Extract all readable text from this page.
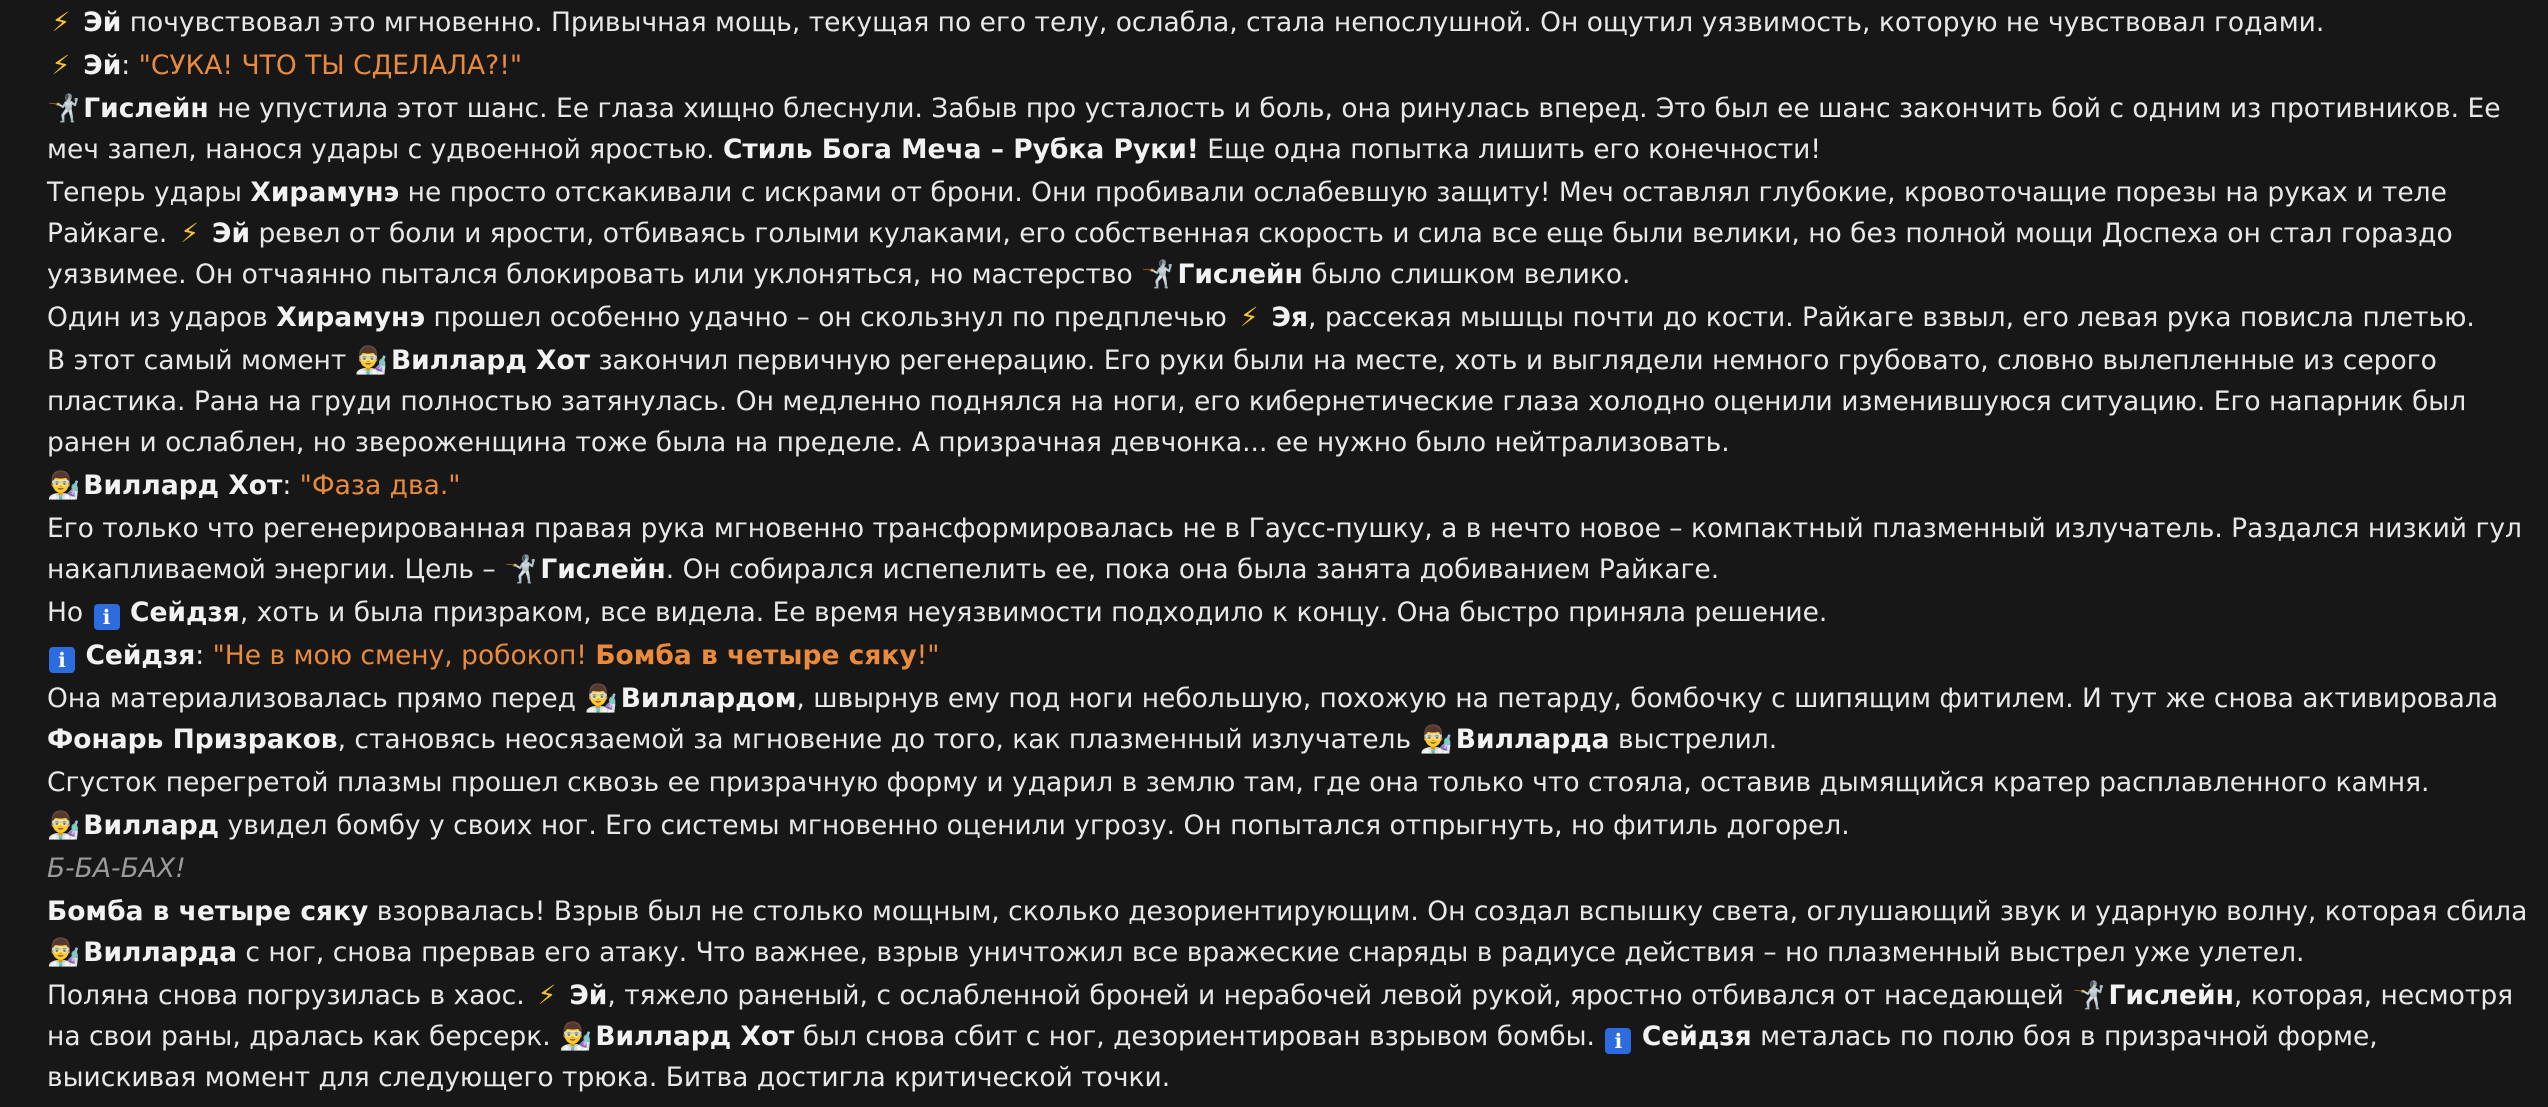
⚡ Эй почувствовал это мгновенно. Привычная мощь, текущая по его телу, ослабла, стала непослушной. Он ощутил уязвимость, которую не чувствовал годами.
⚡ Эй: "СУКА! ЧТО ТЫ СДЕЛАЛА?!"
🤺 Гислейн не упустила этот шанс. Ее глаза хищно блеснули. Забыв про усталость и боль, она ринулась вперед. Это был ее шанс закончить бой с одним из противников. Ее меч запел, нанося удары с удвоенной яростью. Стиль Бога Меча – Рубка Руки! Еще одна попытка лишить его конечности!
Теперь удары Хирамунэ не просто отскакивали с искрами от брони. Они пробивали ослабевшую защиту! Меч оставлял глубокие, кровоточащие порезы на руках и теле Райкаге. ⚡ Эй ревел от боли и ярости, отбиваясь голыми кулаками, его собственная скорость и сила все еще были велики, но без полной мощи Доспеха он стал гораздо уязвимее. Он отчаянно пытался блокировать или уклоняться, но мастерство 🤺 Гислейн было слишком велико.
Один из ударов Хирамунэ прошел особенно удачно – он скользнул по предплечью ⚡ Эя, рассекая мышцы почти до кости. Райкаге взвыл, его левая рука повисла плетью.
В этот самый момент 👨‍🔬 Виллард Хот закончил первичную регенерацию. Его руки были на месте, хоть и выглядели немного грубовато, словно вылепленные из серого пластика. Рана на груди полностью затянулась. Он медленно поднялся на ноги, его кибернетические глаза холодно оценили изменившуюся ситуацию. Его напарник был ранен и ослаблен, но звероженщина тоже была на пределе. А призрачная девчонка... ее нужно было нейтрализовать.
👨‍🔬 Виллард Хот: "Фаза два."
Его только что регенерированная правая рука мгновенно трансформировалась не в Гаусс-пушку, а в нечто новое – компактный плазменный излучатель. Раздался низкий гул накапливаемой энергии. Цель – 🤺 Гислейн. Он собирался испепелить ее, пока она была занята добиванием Райкаге.
Но ℹ Сейдзя, хоть и была призраком, все видела. Ее время неуязвимости подходило к концу. Она быстро приняла решение.
ℹ Сейдзя: "Не в мою смену, робокоп! Бомба в четыре сяку!"
Она материализовалась прямо перед 👨‍🔬 Виллардом, швырнув ему под ноги небольшую, похожую на петарду, бомбочку с шипящим фитилем. И тут же снова активировала Фонарь Призраков, становясь неосязаемой за мгновение до того, как плазменный излучатель 👨‍🔬 Вилларда выстрелил.
Сгусток перегретой плазмы прошел сквозь ее призрачную форму и ударил в землю там, где она только что стояла, оставив дымящийся кратер расплавленного камня.
👨‍🔬 Виллард увидел бомбу у своих ног. Его системы мгновенно оценили угрозу. Он попытался отпрыгнуть, но фитиль догорел.
Б-БА-БАХ!
Бомба в четыре сяку взорвалась! Взрыв был не столько мощным, сколько дезориентирующим. Он создал вспышку света, оглушающий звук и ударную волну, которая сбила 👨‍🔬 Вилларда с ног, снова прервав его атаку. Что важнее, взрыв уничтожил все вражеские снаряды в радиусе действия – но плазменный выстрел уже улетел.
Поляна снова погрузилась в хаос. ⚡ Эй, тяжело раненый, с ослабленной броней и нерабочей левой рукой, яростно отбивался от наседающей 🤺 Гислейн, которая, несмотря на свои раны, дралась как берсерк. 👨‍🔬 Виллард Хот был снова сбит с ног, дезориентирован взрывом бомбы. ℹ Сейдзя металась по полю боя в призрачной форме, выискивая момент для следующего трюка. Битва достигла критической точки.
